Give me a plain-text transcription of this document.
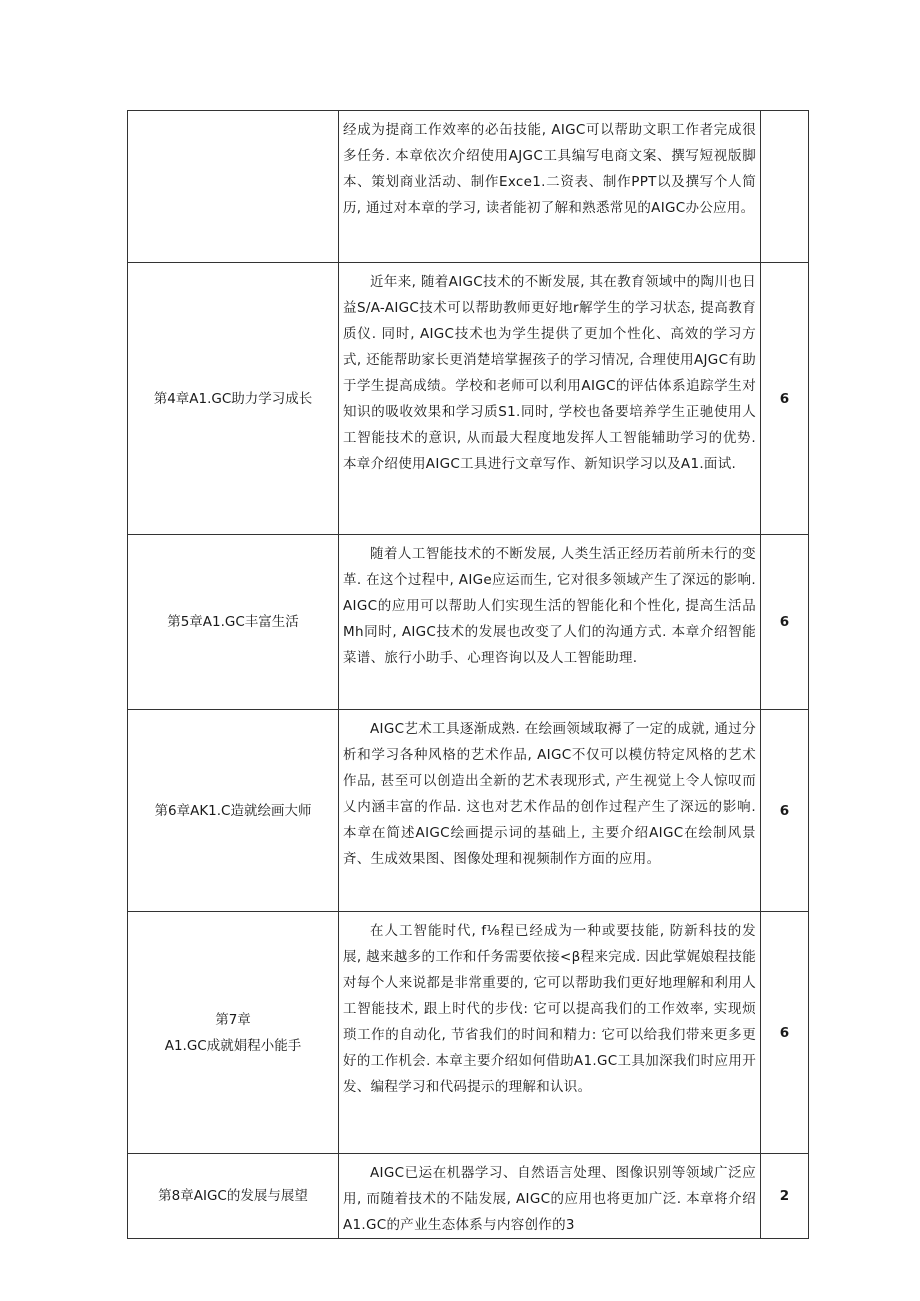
	经成为提商工作效率的必缶技能, AIGC可以帮助文职工作者完成很多任务. 本章依次介绍使用AJGC工具编写电商文案、撰写短视版脚本、策划商业活动、制作Exce1.二资表、制作PPT以及撰写个人简历, 通过对本章的学习, 读者能初了解和熟悉常见的AIGC办公应用。	
第4章A1.GC助力学习成长	近年来, 随着AIGC技术的不断发展, 其在教育领域中的陶川也日益S/A-AIGC技术可以帮助教师更好地r解学生的学习状态, 提高教育质仪. 同时, AIGC技术也为学生提供了更加个性化、高效的学习方式, 还能帮助家长更消楚培掌握孩子的学习情况, 合理使用AJGC有助于学生提高成绩。学校和老师可以利用AIGC的评估体系追踪学生对知识的吸收效果和学习质S1.同时, 学校也备要培养学生正驰使用人工智能技术的意识, 从而最大程度地发挥人工智能辅助学习的优势. 本章介绍使用AIGC工具进行文章写作、新知识学习以及A1.面试.	6
第5章A1.GC丰富生活	随着人工智能技术的不断发展, 人类生活正经历若前所未行的变革. 在这个过程中, AIGe应运而生, 它对很多领域产生了深远的影响. AIGC的应用可以帮助人们实现生活的智能化和个性化, 提高生活品Mh同时, AIGC技术的发展也改变了人们的沟通方式. 本章介绍智能菜谱、旅行小助手、心理咨询以及人工智能助理.	6
第6章AK1.C造就绘画大师	AIGC艺术工具逐渐成熟. 在绘画领域取褥了一定的成就, 通过分析和学习各种风格的艺术作品, AIGC不仅可以模仿特定风格的艺术作品, 甚至可以创造出全新的艺术表现形式, 产生视觉上令人惊叹而乂内涵丰富的作品. 这也对艺术作品的创作过程产生了深远的影响. 本章在简述AIGC绘画提示词的基础上, 主要介绍AIGC在绘制风景斉、生成效果图、图像处理和视频制作方面的应用。	6

第7章
A1.GC成就娟程小能手	在人工智能时代, f⅛程已经成为一种或要技能, 防新科技的发展, 越来越多的工作和仟务需要依接<β程来完成. 因此掌娓娘程技能对每个人来说都是非常重要的, 它可以帮助我们更好地理解和利用人工智能技术, 跟上时代的步伐: 它可以提高我们的工作效率, 实现烦琐工作的自动化, 节省我们的时间和精力: 它可以给我们带来更多更好的工作机会. 本章主要介绍如何借助A1.GC工具加深我们时应用开发、编程学习和代码提示的理解和认识。	6
第8章AIGC的发展与展望	AIGC已运在机器学习、自然语言处理、图像识别等领域广泛应用, 而随着技术的不陆发展, AIGC的应用也将更加广泛. 本章将介绍A1.GC的产业生态体系与内容创作的3	2
